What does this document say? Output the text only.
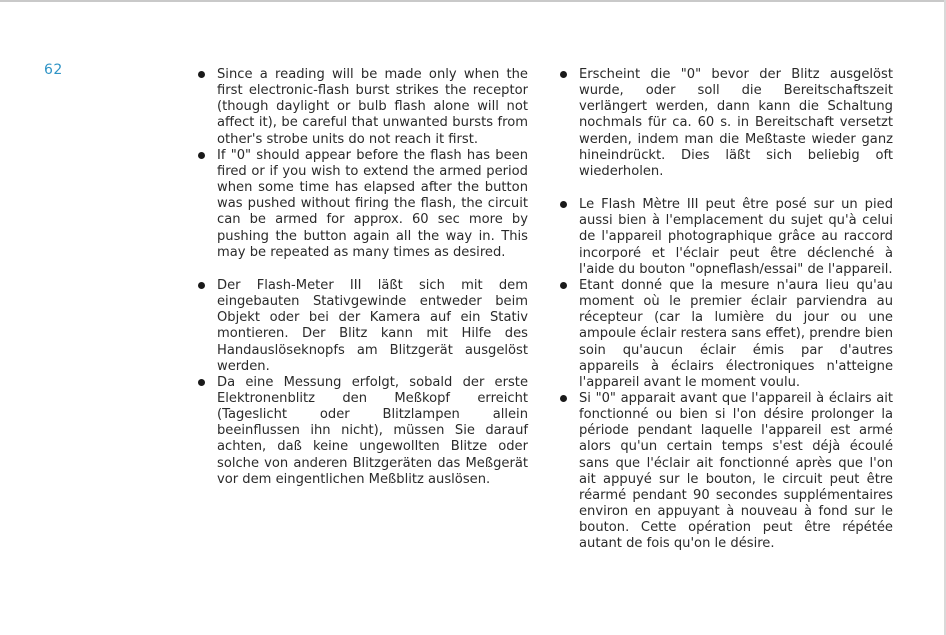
62	Since a reading will be made only when the first electronic-flash burst strikes the receptor (though daylight or bulb flash alone will not affect it), be careful that unwanted bursts from other's strobe units do not reach it first.
If "0" should appear before the flash has been fired or if you wish to extend the armed period when some time has elapsed after the button was pushed without firing the flash, the circuit can be armed for approx. 60 sec more by pushing the button again all the way in. This may be repeated as many times as desired.
Der Flash-Meter III läßt sich mit dem eingebauten Stativgewinde entweder beim Objekt oder bei der Kamera auf ein Stativ montieren. Der Blitz kann mit Hilfe des Handauslöseknopfs am Blitzgerät ausgelöst werden.
Da eine Messung erfolgt, sobald der erste Elektronenblitz den Meßkopf erreicht (Tageslicht oder Blitzlampen allein beeinflussen ihn nicht), müssen Sie darauf achten, daß keine ungewollten Blitze oder solche von anderen Blitzgeräten das Meßgerät vor dem eingentlichen Meßblitz auslösen.
Erscheint die "0" bevor der Blitz ausgelöst wurde, oder soll die Bereitschaftszeit verlängert werden, dann kann die Schaltung nochmals für ca. 60 s. in Bereitschaft versetzt werden, indem man die Meßtaste wieder ganz hineindrückt. Dies läßt sich beliebig oft wiederholen.
Le Flash Mètre III peut être posé sur un pied aussi bien à l'emplacement du sujet qu'à celui de l'appareil photographique grâce au raccord incorporé et l'éclair peut être déclenché à l'aide du bouton "opneflash/essai" de l'appareil.
Etant donné que la mesure n'aura lieu qu'au moment où le premier éclair parviendra au récepteur (car la lumière du jour ou une ampoule éclair restera sans effet), prendre bien soin qu'aucun éclair émis par d'autres appareils à éclairs électroniques n'atteigne l'appareil avant le moment voulu.
Si "0" apparait avant que l'appareil à éclairs ait fonctionné ou bien si l'on désire prolonger la période pendant laquelle l'appareil est armé alors qu'un certain temps s'est déjà écoulé sans que l'éclair ait fonctionné après que l'on ait appuyé sur le bouton, le circuit peut être réarmé pendant 90 secondes supplémentaires environ en appuyant à nouveau à fond sur le bouton. Cette opération peut être répétée autant de fois qu'on le désire.
